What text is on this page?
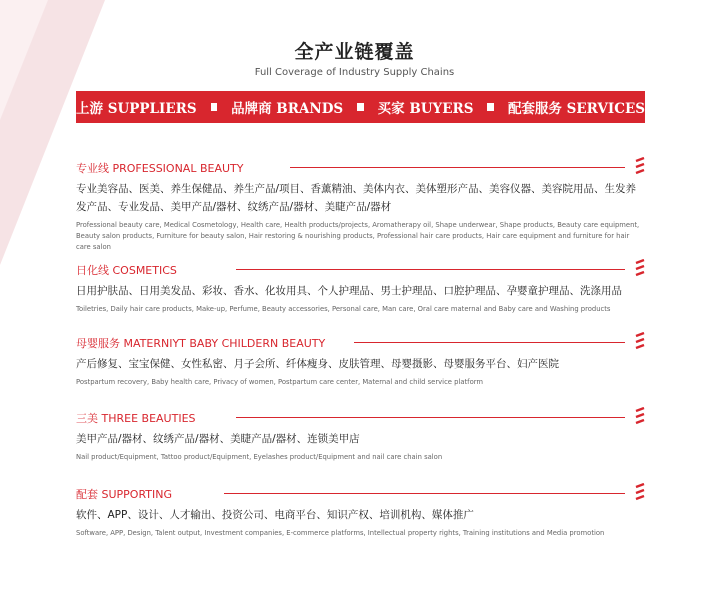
全产业链覆盖
Full Coverage of Industry Supply Chains
上游 SUPPLIERS	品牌商 BRANDS	买家 BUYERS	配套服务 SERVICES
专业线 PROFESSIONAL BEAUTY
专业美容品、医美、养生保健品、养生产品/项目、香薰精油、美体内衣、美体塑形产品、美容仪器、美容院用品、生发养发产品、专业发品、美甲产品/器材、纹绣产品/器材、美睫产品/器材
Professional beauty care, Medical Cosmetology, Health care, Health products/projects, Aromatherapy oil, Shape underwear, Shape products, Beauty care equipment, Beauty salon products, Furniture for beauty salon, Hair restoring & nourishing products, Professional hair care products, Hair care equipment and furniture for hair care salon
日化线 COSMETICS
日用护肤品、日用美发品、彩妆、香水、化妆用具、个人护理品、男士护理品、口腔护理品、孕婴童护理品、洗涤用品
Toiletries, Daily hair care products, Make-up, Perfume, Beauty accessories, Personal care, Man care, Oral care maternal and Baby care and Washing products
母婴服务 MATERNIYT BABY CHILDERN BEAUTY
产后修复、宝宝保健、女性私密、月子会所、纤体瘦身、皮肤管理、母婴摄影、母婴服务平台、妇产医院
Postpartum recovery, Baby health care, Privacy of women, Postpartum care center, Maternal and child service platform
三美 THREE BEAUTIES
美甲产品/器材、纹绣产品/器材、美睫产品/器材、连锁美甲店
Nail product/Equipment, Tattoo product/Equipment, Eyelashes product/Equipment and nail care chain salon
配套 SUPPORTING
软件、APP、设计、人才输出、投资公司、电商平台、知识产权、培训机构、媒体推广
Software, APP, Design, Talent output, Investment companies, E-commerce platforms, Intellectual property rights, Training institutions and Media promotion
